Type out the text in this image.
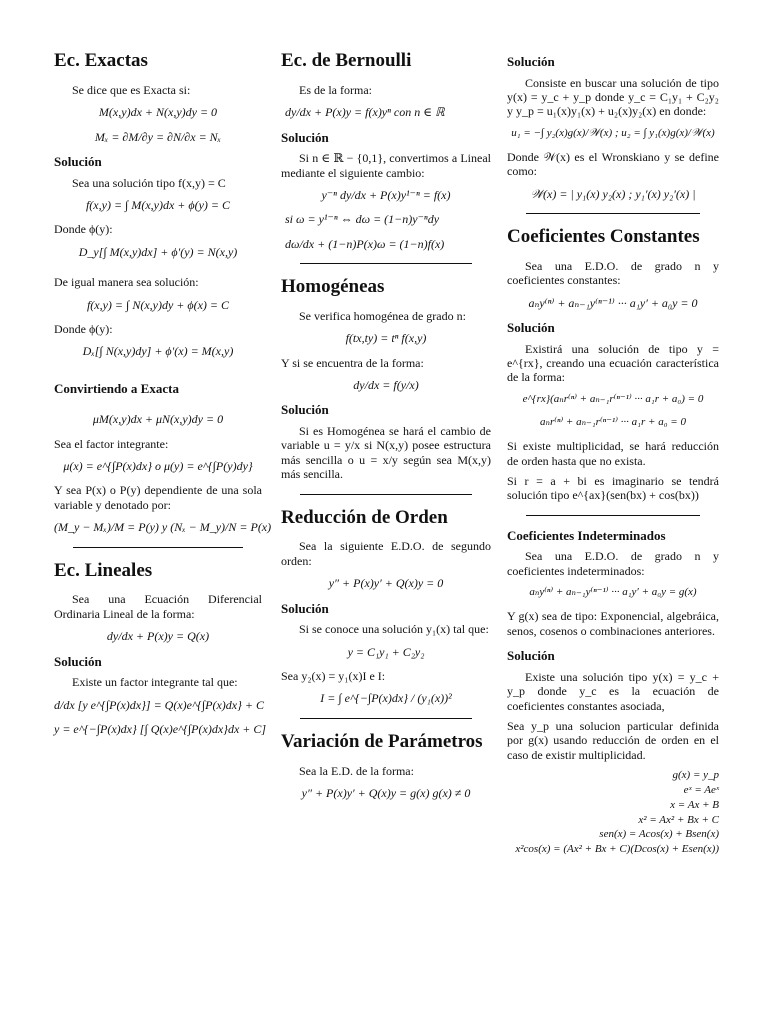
Ec. Exactas

Se dice que es Exacta si:

M(x,y)dx + N(x,y)dy = 0
Mₓ = ∂M/∂y = ∂N/∂x = Nₓ
Solución

Sea una solución tipo f(x,y) = C

f(x,y) = ∫ M(x,y)dx + ϕ(y) = C

Donde ϕ(y):

D_y[∫ M(x,y)dx] + ϕ′(y) = N(x,y)

De igual manera sea solución:

f(x,y) = ∫ N(x,y)dy + ϕ(x) = C

Donde ϕ(y):

Dₓ[∫ N(x,y)dy] + ϕ′(x) = M(x,y)
Convirtiendo a Exacta
μM(x,y)dx + μN(x,y)dy = 0

Sea el factor integrante:

μ(x) = e^{∫P(x)dx} o μ(y) = e^{∫P(y)dy}

Y sea P(x) o P(y) dependiente de una sola variable y denotado por:

(M_y − Mₓ)/M = P(y) y (Nₓ − M_y)/N = P(x)
Ec. Lineales

Sea una Ecuación Diferencial Ordinaria Lineal de la forma:

dy/dx + P(x)y = Q(x)
Solución

Existe un factor integrante tal que:

d/dx [y e^{∫P(x)dx}] = Q(x)e^{∫P(x)dx} + C
y = e^{−∫P(x)dx} [∫ Q(x)e^{∫P(x)dx}dx + C]
Ec. de Bernoulli

Es de la forma:

dy/dx + P(x)y = f(x)yⁿ con n ∈ ℝ
Solución

Si n ∈ ℝ − {0,1}, convertimos a Lineal mediante el siguiente cambio:

y⁻ⁿ dy/dx + P(x)y¹⁻ⁿ = f(x)
si ω = y¹⁻ⁿ ⇔ dω = (1−n)y⁻ⁿdy
dω/dx + (1−n)P(x)ω = (1−n)f(x)
Homogéneas

Se verifica homogénea de grado n:

f(tx,ty) = tⁿ f(x,y)

Y si se encuentra de la forma:

dy/dx = f(y/x)
Solución

Si es Homogénea se hará el cambio de variable u = y/x si N(x,y) posee estructura más sencilla o u = x/y según sea M(x,y) más sencilla.

Reducción de Orden

Sea la siguiente E.D.O. de segundo orden:

y″ + P(x)y′ + Q(x)y = 0
Solución

Si se conoce una solución y₁(x) tal que:

y = C₁y₁ + C₂y₂

Sea y₂(x) = y₁(x)I e I:

I = ∫ e^{−∫P(x)dx} / (y₁(x))²
Variación de Parámetros

Sea la E.D. de la forma:

y″ + P(x)y′ + Q(x)y = g(x) g(x) ≠ 0
Solución

Consiste en buscar una solución de tipo y(x) = y_c + y_p donde y_c = C₁y₁ + C₂y₂ y y_p = u₁(x)y₁(x) + u₂(x)y₂(x) en donde:

u₁ = −∫ y₂(x)g(x)/𝒲(x) ; u₂ = ∫ y₁(x)g(x)/𝒲(x)

Donde 𝒲(x) es el Wronskiano y se define como:

𝒲(x) = | y₁(x) y₂(x) ; y₁′(x) y₂′(x) |
Coeficientes Constantes

Sea una E.D.O. de grado n y coeficientes constantes:

aₙy⁽ⁿ⁾ + aₙ₋₁y⁽ⁿ⁻¹⁾ ··· a₁y′ + a₀y = 0
Solución

Existirá una solución de tipo y = e^{rx}, creando una ecuación característica de la forma:

e^{rx}(aₙr⁽ⁿ⁾ + aₙ₋₁r⁽ⁿ⁻¹⁾ ··· a₁r + a₀) = 0
aₙr⁽ⁿ⁾ + aₙ₋₁r⁽ⁿ⁻¹⁾ ··· a₁r + a₀ = 0

Si existe multiplicidad, se hará reducción de orden hasta que no exista.

Si r = a + bi es imaginario se tendrá solución tipo e^{ax}(sen(bx) + cos(bx))

Coeficientes Indeterminados

Sea una E.D.O. de grado n y coeficientes indeterminados:

aₙy⁽ⁿ⁾ + aₙ₋₁y⁽ⁿ⁻¹⁾ ··· a₁y′ + a₀y = g(x)

Y g(x) sea de tipo: Exponencial, algebráica, senos, cosenos o combinaciones anteriores.

Solución

Existe una solución tipo y(x) = y_c + y_p donde y_c es la ecuación de coeficientes constantes asociada,

Sea y_p una solucion particular definida por g(x) usando reducción de orden en el caso de existir multiplicidad.

g(x) = y_p
eˣ = Aeˣ
x = Ax + B
x² = Ax² + Bx + C
sen(x) = Acos(x) + Bsen(x)
x²cos(x) = (Ax² + Bx + C)(Dcos(x) + Esen(x))
